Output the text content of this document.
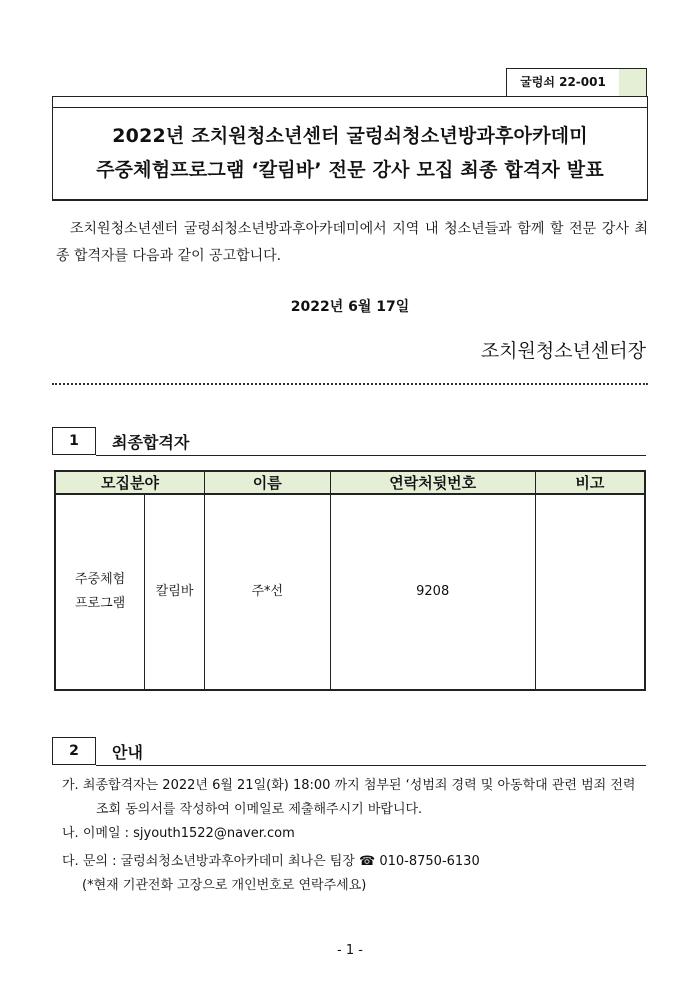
굴렁쇠 22-001
2022년 조치원청소년센터 굴렁쇠청소년방과후아카데미
주중체험프로그램 ‘칼림바’ 전문 강사 모집 최종 합격자 발표
조치원청소년센터 굴렁쇠청소년방과후아카데미에서 지역 내 청소년들과 함께 할 전문 강사 최종 합격자를 다음과 같이 공고합니다.
2022년 6월 17일
조치원청소년센터장
1	최종합격자
모집분야		이름	연락처뒷번호	비고
주중체험
프로그램	칼림바	주*선	9208	
2	안내
가. 최종합격자는 2022년 6월 21일(화) 18:00 까지 첨부된 ‘성범죄 경력 및 아동학대 관련 범죄 전력
조회 동의서를 작성하여 이메일로 제출해주시기 바랍니다.
나. 이메일 : sjyouth1522@naver.com
다. 문의 : 굴렁쇠청소년방과후아카데미 최나은 팀장 ☎ 010-8750-6130
(*현재 기관전화 고장으로 개인번호로 연락주세요)
- 1 -
